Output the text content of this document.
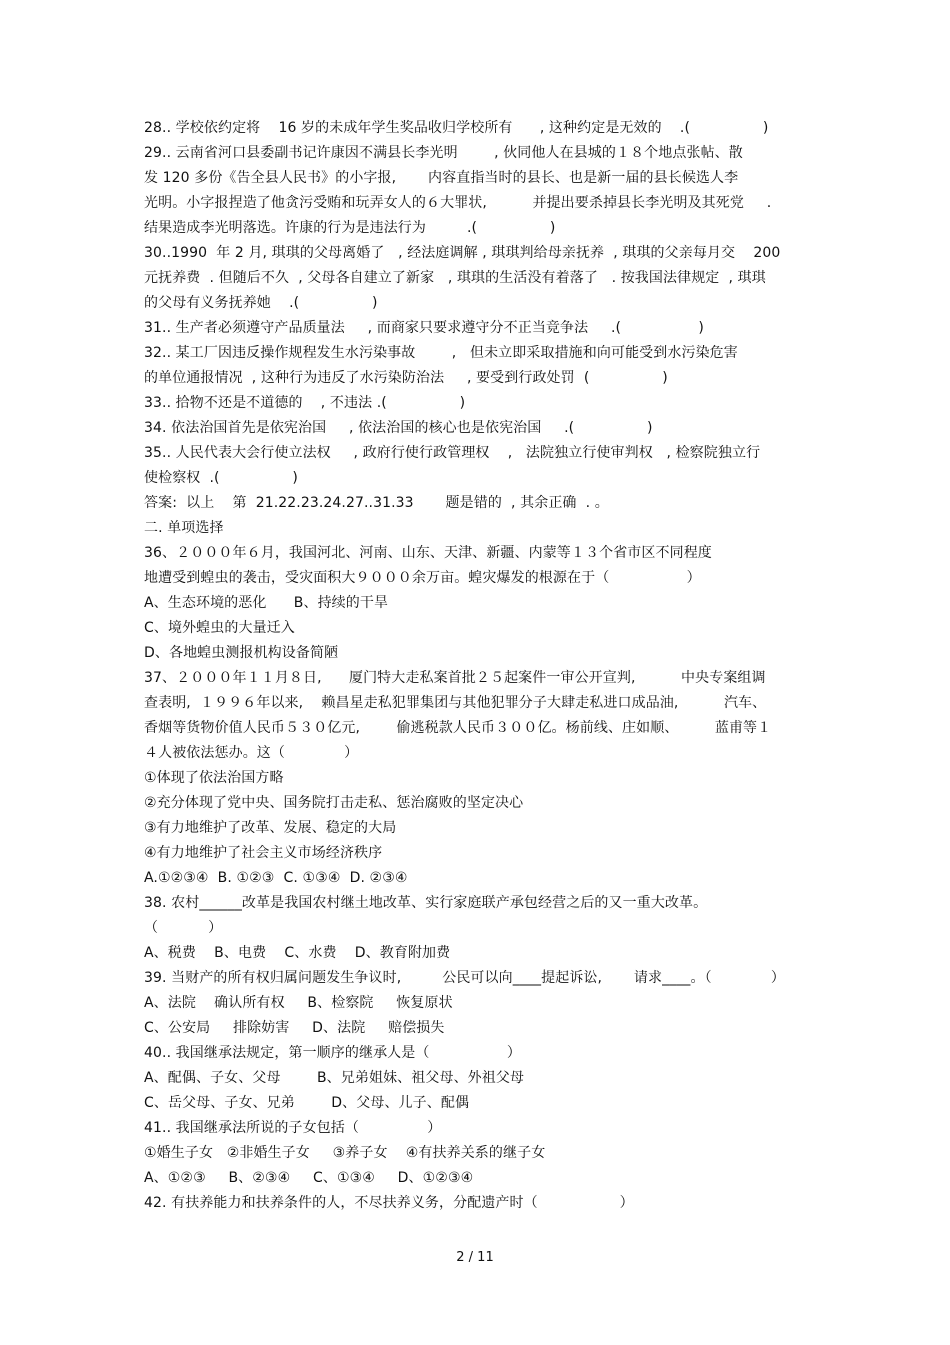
28.. 学校依约定将    16 岁的未成年学生奖品收归学校所有      , 这种约定是无效的    .(                )
29.. 云南省河口县委副书记许康因不满县长李光明        , 伙同他人在县城的１８个地点张帖、散
发 120 多份《告全县人民书》的小字报,       内容直指当时的县长、也是新一届的县长候选人李
光明。小字报捏造了他贪污受贿和玩弄女人的６大罪状,          并提出要杀掉县长李光明及其死党     .
结果造成李光明落选。许康的行为是违法行为         .(                )
30..1990  年 2 月, 琪琪的父母离婚了   , 经法庭调解 , 琪琪判给母亲抚养  , 琪琪的父亲每月交    200
元抚养费  . 但随后不久  , 父母各自建立了新家   , 琪琪的生活没有着落了   . 按我国法律规定  , 琪琪
的父母有义务抚养她    .(                )
31.. 生产者必须遵守产品质量法     , 而商家只要求遵守分不正当竞争法     .(                 )
32.. 某工厂因违反操作规程发生水污染事故        ,   但未立即采取措施和向可能受到水污染危害
的单位通报情况  , 这种行为违反了水污染防治法     , 要受到行政处罚  (                )
33.. 拾物不还是不道德的    , 不违法 .(                )
34. 依法治国首先是依宪治国     , 依法治国的核心也是依宪治国     .(                )
35.. 人民代表大会行使立法权     , 政府行使行政管理权    ,   法院独立行使审判权   , 检察院独立行
使检察权  .(                )
答案:  以上    第  21.22.23.24.27..31.33       题是错的  , 其余正确  . 。
二. 单项选择
36、２０００年６月，我国河北、河南、山东、天津、新疆、内蒙等１３个省市区不同程度
地遭受到蝗虫的袭击，受灾面积大９０００余万亩。蝗灾爆发的根源在于（                 ）
A、生态环境的恶化      B、持续的干旱
C、境外蝗虫的大量迁入
D、各地蝗虫测报机构设备简陋
37、２０００年１１月８日,      厦门特大走私案首批２５起案件一审公开宣判,          中央专案组调
查表明,  １９９６年以来,    赖昌星走私犯罪集团与其他犯罪分子大肆走私进口成品油,          汽车、
香烟等货物价值人民币５３０亿元,        偷逃税款人民币３００亿。杨前线、庄如顺、        蓝甫等１
４人被依法惩办。这（             ）
①体现了依法治国方略
②充分体现了党中央、国务院打击走私、惩治腐败的坚定决心
③有力地维护了改革、发展、稳定的大局
④有力地维护了社会主义市场经济秩序
A.①②③④  B. ①②③  C. ①③④  D. ②③④
38. 农村______改革是我国农村继土地改革、实行家庭联产承包经营之后的又一重大改革。
（           ）
A、税费    B、电费    C、水费    D、教育附加费
39. 当财产的所有权归属问题发生争议时,         公民可以向____提起诉讼,       请求____。（             ）
A、法院    确认所有权     B、检察院     恢复原状
C、公安局     排除妨害     D、法院     赔偿损失
40.. 我国继承法规定，第一顺序的继承人是（                 ）
A、配偶、子女、父母        B、兄弟姐妹、祖父母、外祖父母
C、岳父母、子女、兄弟        D、父母、儿子、配偶
41.. 我国继承法所说的子女包括（               ）
①婚生子女   ②非婚生子女     ③养子女    ④有扶养关系的继子女
A、①②③     B、②③④     C、①③④     D、①②③④
42. 有扶养能力和扶养条件的人，不尽扶养义务，分配遗产时（                  ）
2 / 11
